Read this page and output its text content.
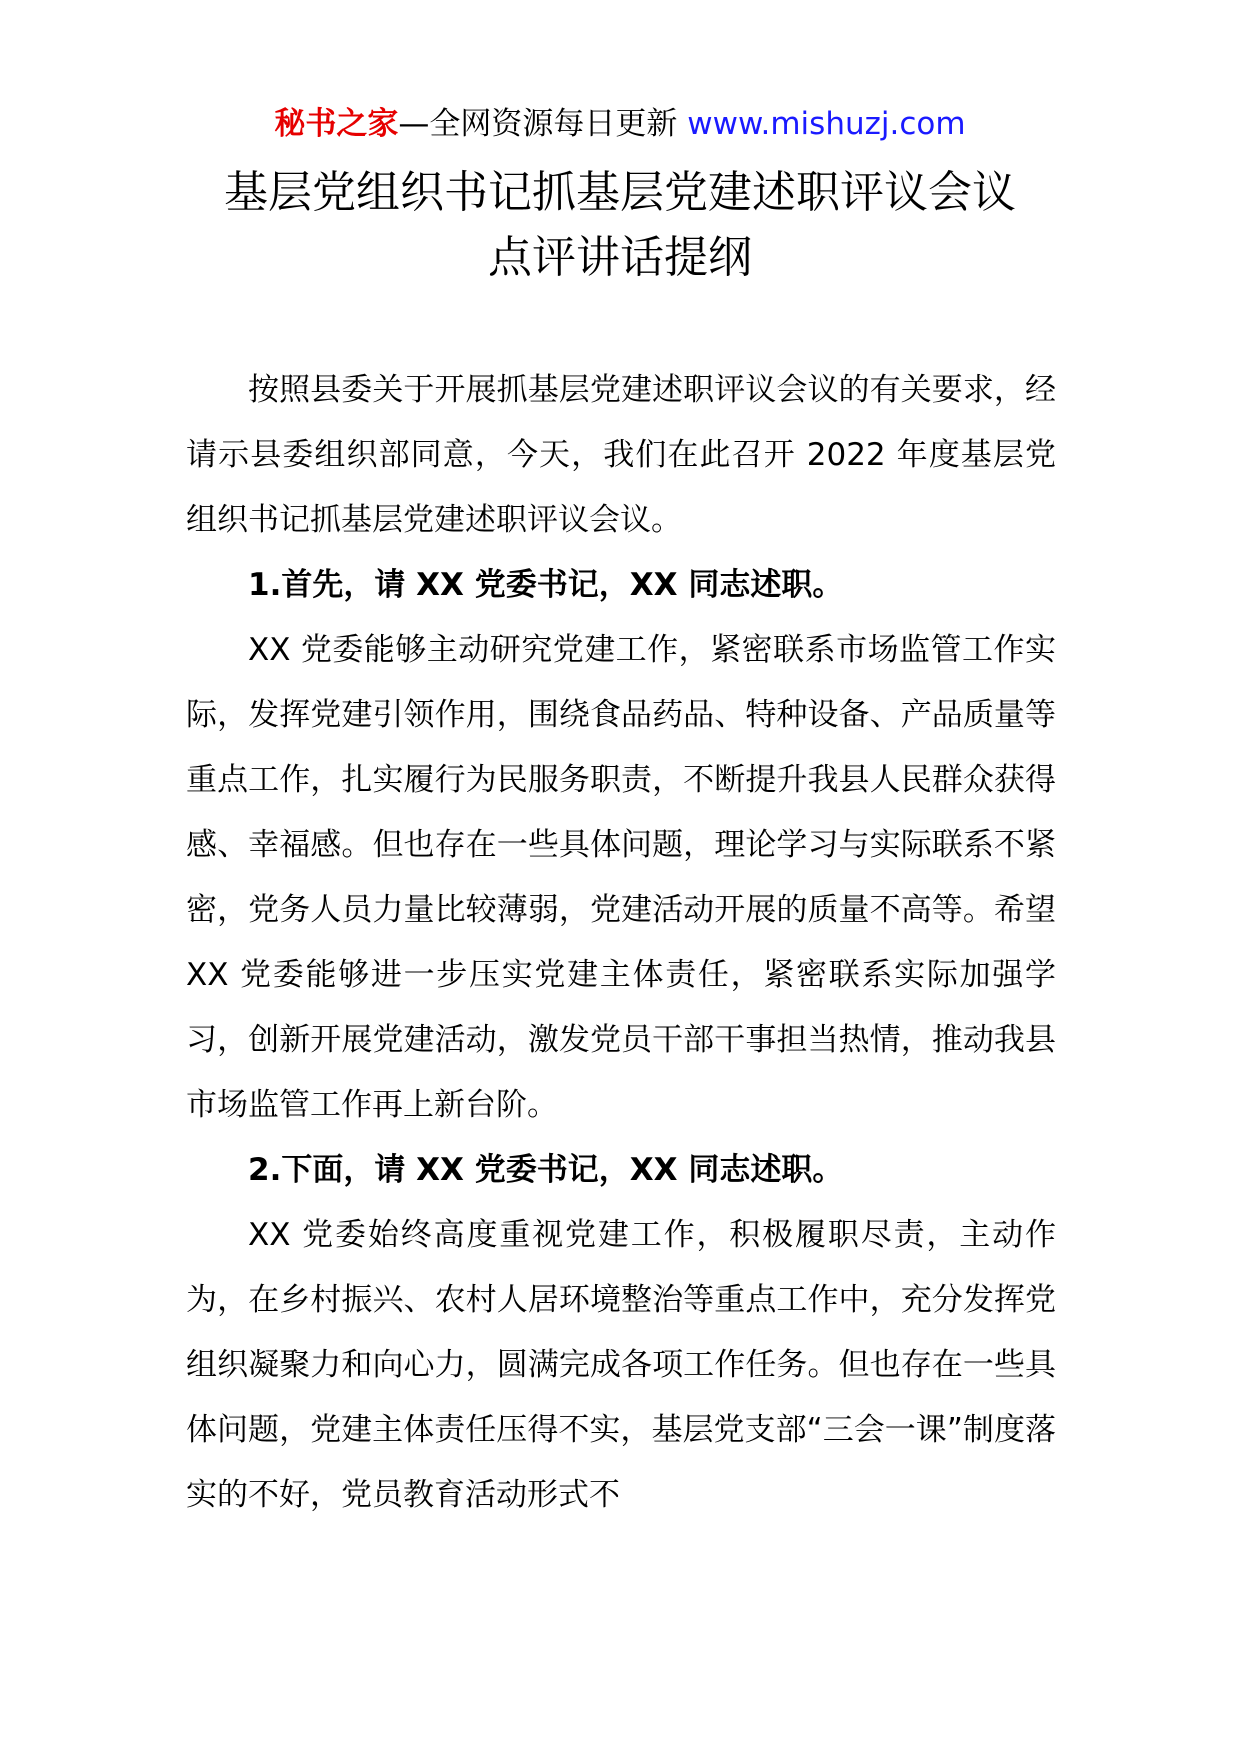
秘书之家—全网资源每日更新 www.mishuzj.com
基层党组织书记抓基层党建述职评议会议
点评讲话提纲

按照县委关于开展抓基层党建述职评议会议的有关要求，经请示县委组织部同意，今天，我们在此召开 2022 年度基层党组织书记抓基层党建述职评议会议。

1.首先，请 XX 党委书记，XX 同志述职。

XX 党委能够主动研究党建工作，紧密联系市场监管工作实际，发挥党建引领作用，围绕食品药品、特种设备、产品质量等重点工作，扎实履行为民服务职责，不断提升我县人民群众获得感、幸福感。但也存在一些具体问题，理论学习与实际联系不紧密，党务人员力量比较薄弱，党建活动开展的质量不高等。希望 XX 党委能够进一步压实党建主体责任，紧密联系实际加强学习，创新开展党建活动，激发党员干部干事担当热情，推动我县市场监管工作再上新台阶。

2.下面，请 XX 党委书记，XX 同志述职。

XX 党委始终高度重视党建工作，积极履职尽责，主动作为，在乡村振兴、农村人居环境整治等重点工作中，充分发挥党组织凝聚力和向心力，圆满完成各项工作任务。但也存在一些具体问题，党建主体责任压得不实，基层党支部“三会一课”制度落实的不好，党员教育活动形式不
